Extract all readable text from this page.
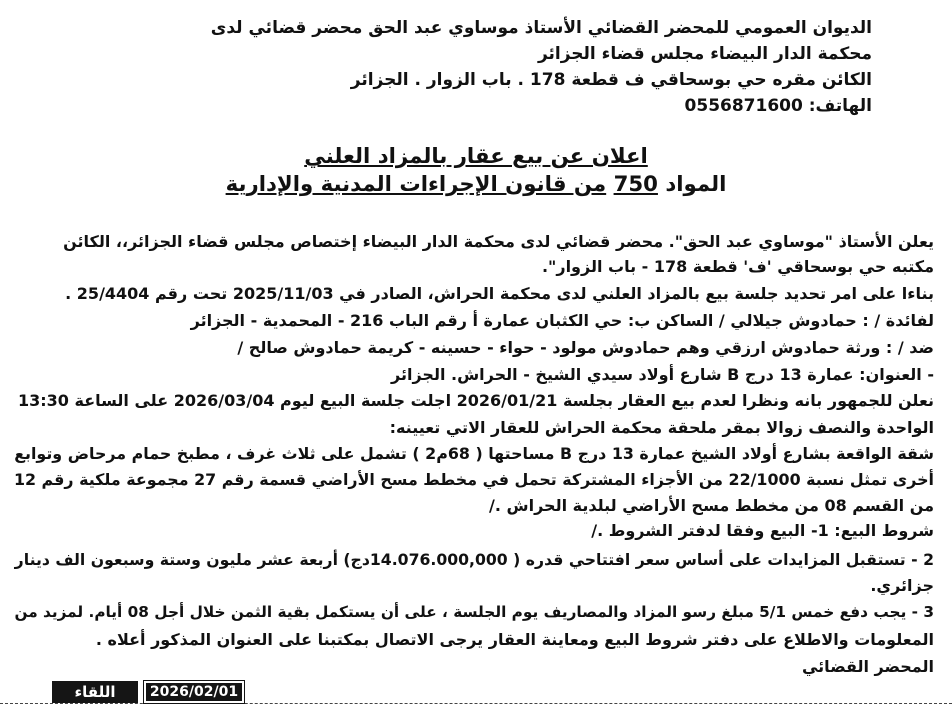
الديوان العمومي للمحضر القضائي الأستاذ موساوي عبد الحق محضر قضائي لدى
محكمة الدار البيضاء مجلس قضاء الجزائر
الكائن مقره حي بوسحاقي ف قطعة 178 . باب الزوار . الجزائر
الهاتف: 0556871600
اعلان عن بيع عقار بالمزاد العلني
المواد 750 من قانون الإجراءات المدنية والإدارية
يعلن الأستاذ "موساوي عبد الحق". محضر قضائي لدى محكمة الدار البيضاء إختصاص مجلس قضاء الجزائر،، الكائن
مكتبه حي بوسحاقي 'ف' قطعة 178 - باب الزوار".
بناءا على امر تحديد جلسة بيع بالمزاد العلني لدى محكمة الحراش، الصادر في 2025/11/03 تحت رقم 25/4404 .
لفائدة / : حمادوش جيلالي / الساكن ب: حي الكثبان عمارة أ رقم الباب 216 - المحمدية - الجزائر
ضد / : ورثة حمادوش ارزقي وهم حمادوش مولود - حواء - حسينه - كريمة حمادوش صالح /
- العنوان: عمارة 13 درج B شارع أولاد سيدي الشيخ - الحراش. الجزائر
نعلن للجمهور بانه ونظرا لعدم بيع العقار بجلسة 2026/01/21 اجلت جلسة البيع ليوم 2026/03/04 على الساعة 13:30
الواحدة والنصف زوالا بمقر ملحقة محكمة الحراش للعقار الاتي تعيينه:
شقة الواقعة بشارع أولاد الشيخ عمارة 13 درج B مساحتها ( 68م2 ) تشمل على ثلاث غرف ، مطبخ حمام مرحاض وتوابع
أخرى تمثل نسبة 22/1000 من الأجزاء المشتركة تحمل في مخطط مسح الأراضي قسمة رقم 27 مجموعة ملكية رقم 12
من القسم 08 من مخطط مسح الأراضي لبلدية الحراش ./
شروط البيع: 1- البيع وفقا لدفتر الشروط ./
2 - تستقبل المزايدات على أساس سعر افتتاحي قدره ( 14.076.000,000دج) أربعة عشر مليون وستة وسبعون الف دينار
جزائري.
3 - يجب دفع خمس 5/1 مبلغ رسو المزاد والمصاريف يوم الجلسة ، على أن يستكمل بقية الثمن خلال أجل 08 أيام. لمزيد من
المعلومات والاطلاع على دفتر شروط البيع ومعاينة العقار يرجى الاتصال بمكتبنا على العنوان المذكور أعلاه .
المحضر القضائي
اللقاء	2026/02/01
